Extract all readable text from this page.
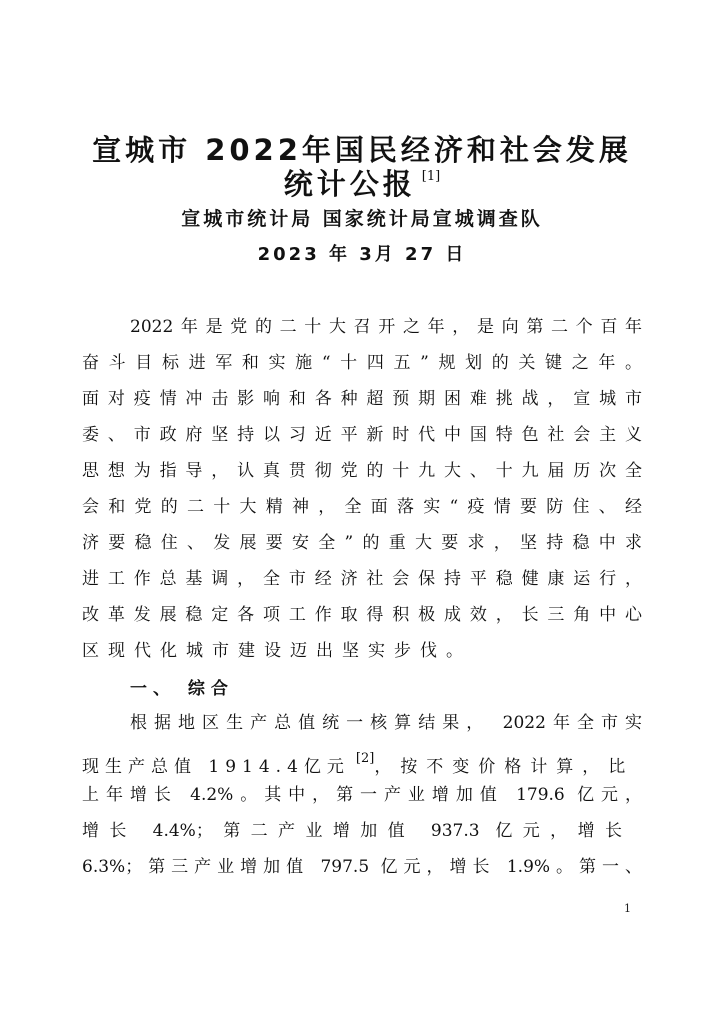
宣城市 2022年国民经济和社会发展
统计公报 [1]
宣城市统计局 国家统计局宣城调查队
2023 年 3月 27 日
2022年是党的二十大召开之年，是向第二个百年
奋斗目标进军和实施“十四五”规划的关键之年。
面对疫情冲击影响和各种超预期困难挑战，宣城市
委、市政府坚持以习近平新时代中国特色社会主义
思想为指导，认真贯彻党的十九大、十九届历次全
会和党的二十大精神，全面落实“疫情要防住、经
济要稳住、发展要安全”的重大要求，坚持稳中求
进工作总基调，全市经济社会保持平稳健康运行，
改革发展稳定各项工作取得积极成效，长三角中心
区现代化城市建设迈出坚实步伐。
一、 综合
根据地区生产总值统一核算结果， 2022年全市实
现生产总值 1914.4亿元 [2]，按不变价格计算，比
上年增长 4.2%。其中，第一产业增加值 179.6 亿元，
增长 4.4%；第二产业增加值 937.3 亿元，增长
6.3%；第三产业增加值 797.5 亿元，增长 1.9%。第一、
1
